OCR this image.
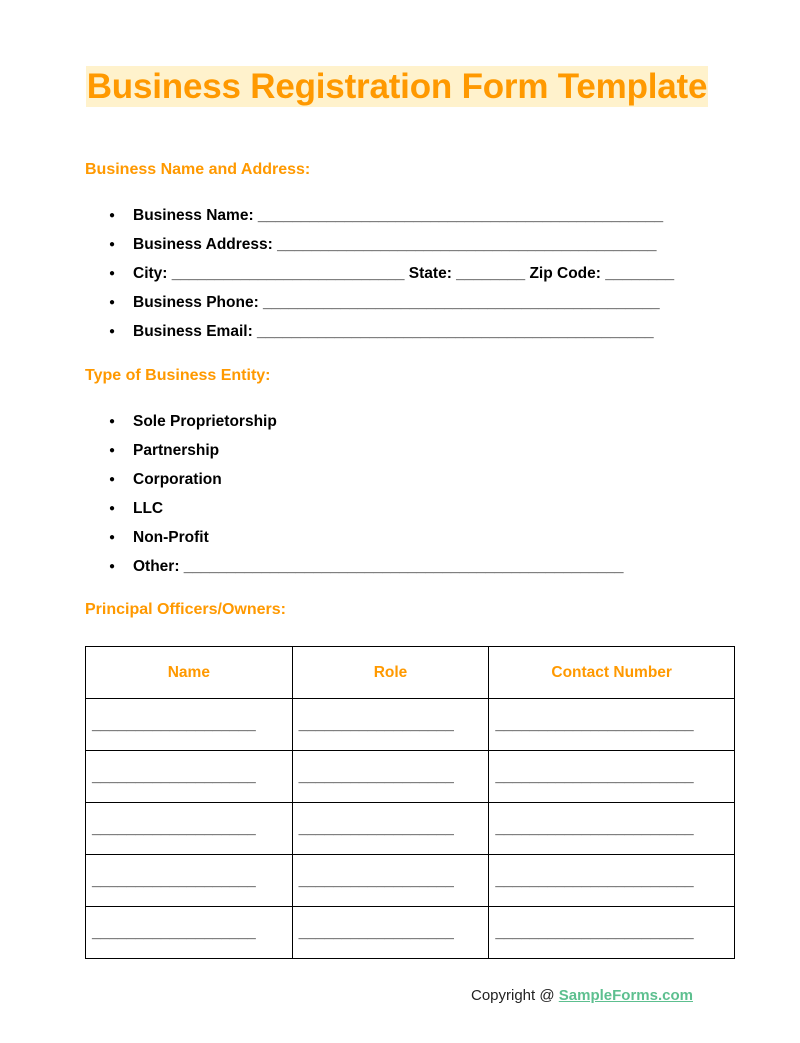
Business Registration Form Template
Business Name and Address:
● Business Name: _______________________________________________
● Business Address: ____________________________________________
● City: ___________________________ State: ________ Zip Code: ________
● Business Phone: ______________________________________________
● Business Email: ______________________________________________
Type of Business Entity:
● Sole Proprietorship
● Partnership
● Corporation
● LLC
● Non-Profit
● Other: ___________________________________________________
Principal Officers/Owners:
Name	Role	Contact Number
___________________	__________________	_______________________
___________________	__________________	_______________________
___________________	__________________	_______________________
___________________	__________________	_______________________
___________________	__________________	_______________________
Copyright @ SampleForms.com
